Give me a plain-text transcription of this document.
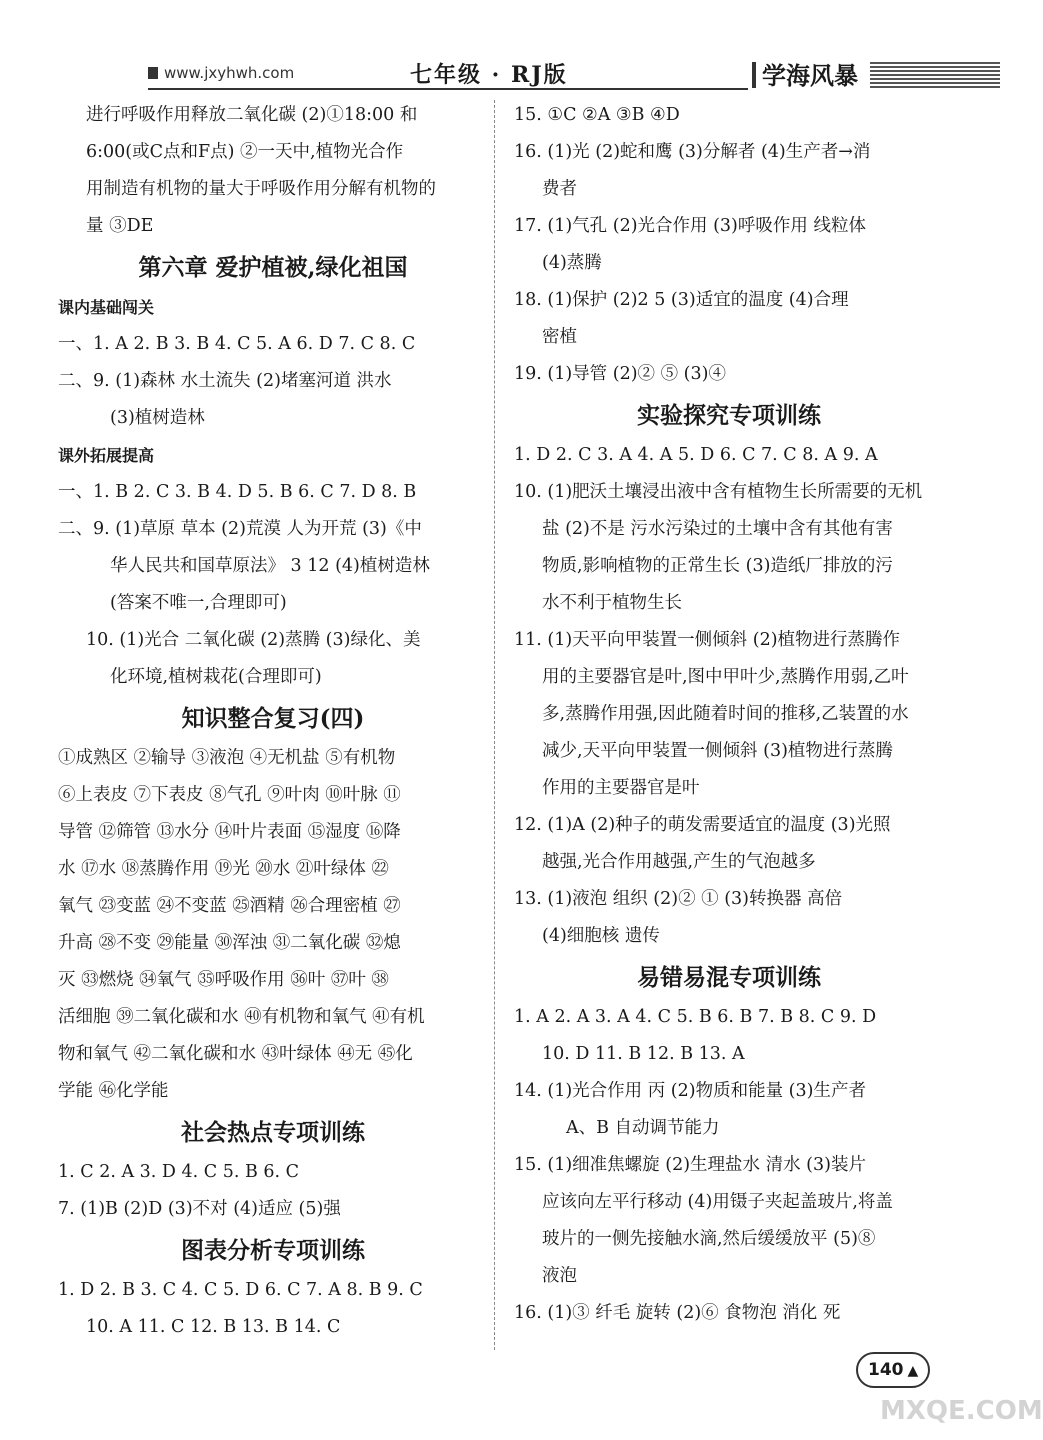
www.jxyhwh.com	七年级 · RJ版	学海风暴
进行呼吸作用释放二氧化碳 (2)①18:00 和
6:00(或C点和F点) ②一天中,植物光合作
用制造有机物的量大于呼吸作用分解有机物的
量 ③DE
第六章 爱护植被,绿化祖国
课内基础闯关
一、1. A 2. B 3. B 4. C 5. A 6. D 7. C 8. C
二、9. (1)森林 水土流失 (2)堵塞河道 洪水
(3)植树造林
课外拓展提高
一、1. B 2. C 3. B 4. D 5. B 6. C 7. D 8. B
二、9. (1)草原 草本 (2)荒漠 人为开荒 (3)《中
华人民共和国草原法》 3 12 (4)植树造林
(答案不唯一,合理即可)
10. (1)光合 二氧化碳 (2)蒸腾 (3)绿化、美
化环境,植树栽花(合理即可)
知识整合复习(四)
①成熟区 ②输导 ③液泡 ④无机盐 ⑤有机物
⑥上表皮 ⑦下表皮 ⑧气孔 ⑨叶肉 ⑩叶脉 ⑪
导管 ⑫筛管 ⑬水分 ⑭叶片表面 ⑮湿度 ⑯降
水 ⑰水 ⑱蒸腾作用 ⑲光 ⑳水 ㉑叶绿体 ㉒
氧气 ㉓变蓝 ㉔不变蓝 ㉕酒精 ㉖合理密植 ㉗
升高 ㉘不变 ㉙能量 ㉚浑浊 ㉛二氧化碳 ㉜熄
灭 ㉝燃烧 ㉞氧气 ㉟呼吸作用 ㊱叶 ㊲叶 ㊳
活细胞 ㊴二氧化碳和水 ㊵有机物和氧气 ㊶有机
物和氧气 ㊷二氧化碳和水 ㊸叶绿体 ㊹无 ㊺化
学能 ㊻化学能
社会热点专项训练
1. C 2. A 3. D 4. C 5. B 6. C
7. (1)B (2)D (3)不对 (4)适应 (5)强
图表分析专项训练
1. D 2. B 3. C 4. C 5. D 6. C 7. A 8. B 9. C
10. A 11. C 12. B 13. B 14. C
15. ①C ②A ③B ④D
16. (1)光 (2)蛇和鹰 (3)分解者 (4)生产者→消
费者
17. (1)气孔 (2)光合作用 (3)呼吸作用 线粒体
(4)蒸腾
18. (1)保护 (2)2 5 (3)适宜的温度 (4)合理
密植
19. (1)导管 (2)② ⑤ (3)④
实验探究专项训练
1. D 2. C 3. A 4. A 5. D 6. C 7. C 8. A 9. A
10. (1)肥沃土壤浸出液中含有植物生长所需要的无机
盐 (2)不是 污水污染过的土壤中含有其他有害
物质,影响植物的正常生长 (3)造纸厂排放的污
水不利于植物生长
11. (1)天平向甲装置一侧倾斜 (2)植物进行蒸腾作
用的主要器官是叶,图中甲叶少,蒸腾作用弱,乙叶
多,蒸腾作用强,因此随着时间的推移,乙装置的水
减少,天平向甲装置一侧倾斜 (3)植物进行蒸腾
作用的主要器官是叶
12. (1)A (2)种子的萌发需要适宜的温度 (3)光照
越强,光合作用越强,产生的气泡越多
13. (1)液泡 组织 (2)② ① (3)转换器 高倍
(4)细胞核 遗传
易错易混专项训练
1. A 2. A 3. A 4. C 5. B 6. B 7. B 8. C 9. D
10. D 11. B 12. B 13. A
14. (1)光合作用 丙 (2)物质和能量 (3)生产者
A、B 自动调节能力
15. (1)细准焦螺旋 (2)生理盐水 清水 (3)装片
应该向左平行移动 (4)用镊子夹起盖玻片,将盖
玻片的一侧先接触水滴,然后缓缓放平 (5)⑧
液泡
16. (1)③ 纤毛 旋转 (2)⑥ 食物泡 消化 死
140 ▲
MXQE.COM
